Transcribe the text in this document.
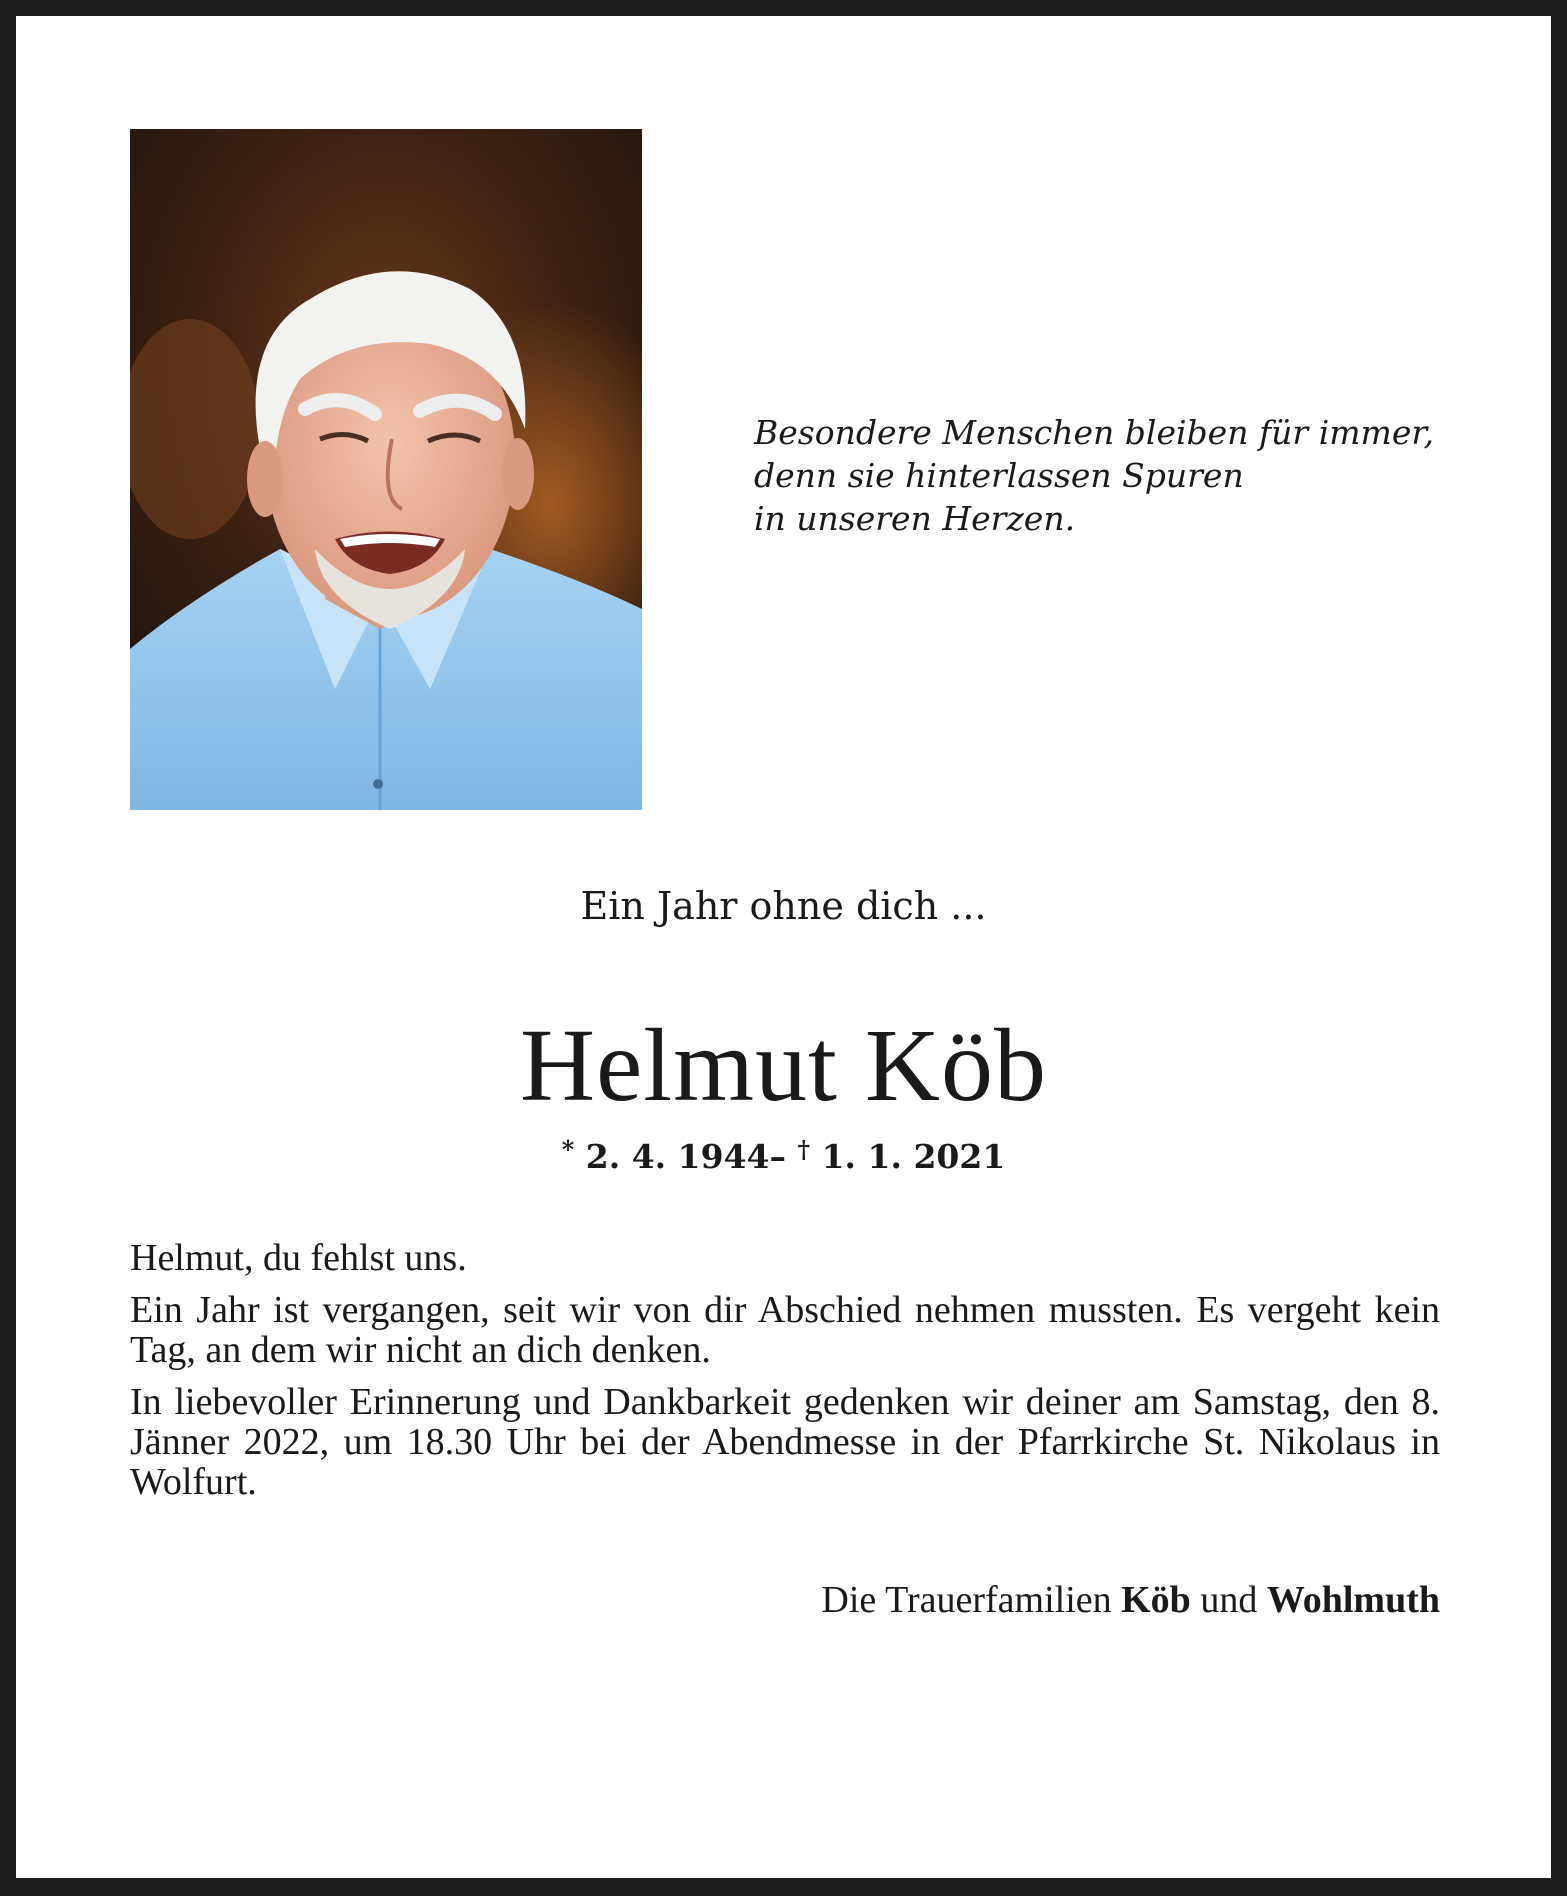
Besondere Menschen bleiben für immer,
denn sie hinterlassen Spuren
in unseren Herzen.
Ein Jahr ohne dich ...
Helmut Köb
* 2. 4. 1944– † 1. 1. 2021

Helmut, du fehlst uns.

Ein Jahr ist vergangen, seit wir von dir Abschied nehmen mussten. Es vergeht kein Tag, an dem wir nicht an dich denken.

In liebevoller Erinnerung und Dankbarkeit gedenken wir deiner am Samstag, den 8. Jänner 2022, um 18.30 Uhr bei der Abendmesse in der Pfarrkirche St. Nikolaus in Wolfurt.

Die Trauerfamilien Köb und Wohlmuth
